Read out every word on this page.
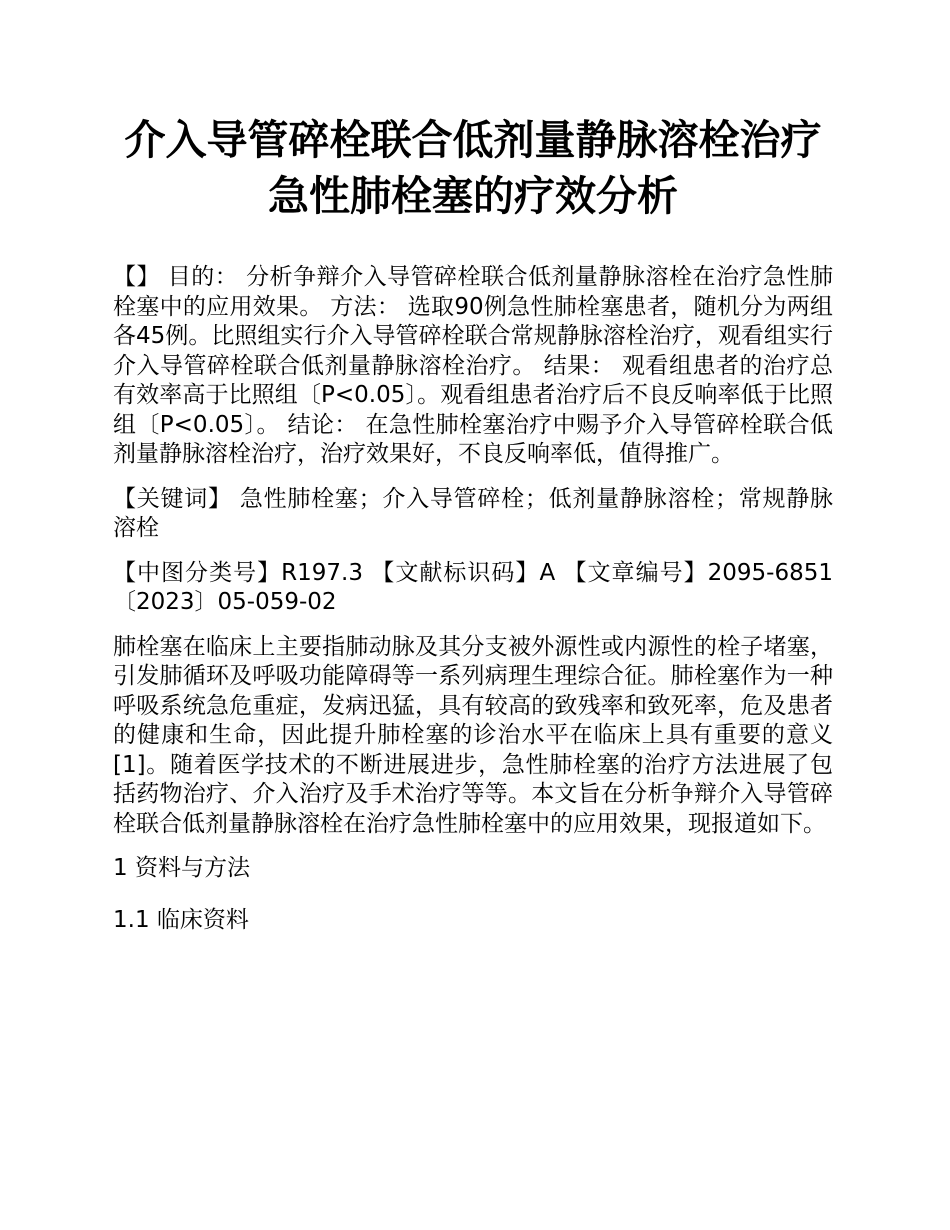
介入导管碎栓联合低剂量静脉溶栓治疗
急性肺栓塞的疗效分析

【】 目的： 分析争辩介入导管碎栓联合低剂量静脉溶栓在治疗急性肺栓塞中的应用效果。 方法： 选取90例急性肺栓塞患者，随机分为两组各45例。比照组实行介入导管碎栓联合常规静脉溶栓治疗，观看组实行介入导管碎栓联合低剂量静脉溶栓治疗。 结果： 观看组患者的治疗总有效率高于比照组〔P<0.05〕。观看组患者治疗后不良反响率低于比照组〔P<0.05〕。 结论： 在急性肺栓塞治疗中赐予介入导管碎栓联合低剂量静脉溶栓治疗，治疗效果好，不良反响率低，值得推广。

【关键词】 急性肺栓塞；介入导管碎栓；低剂量静脉溶栓；常规静脉溶栓

【中图分类号】R197.3 【文献标识码】A 【文章编号】2095-6851〔2023〕05-059-02

肺栓塞在临床上主要指肺动脉及其分支被外源性或内源性的栓子堵塞，引发肺循环及呼吸功能障碍等一系列病理生理综合征。肺栓塞作为一种呼吸系统急危重症，发病迅猛，具有较高的致残率和致死率，危及患者的健康和生命，因此提升肺栓塞的诊治水平在临床上具有重要的意义[1]。随着医学技术的不断进展进步，急性肺栓塞的治疗方法进展了包括药物治疗、介入治疗及手术治疗等等。本文旨在分析争辩介入导管碎栓联合低剂量静脉溶栓在治疗急性肺栓塞中的应用效果，现报道如下。

1 资料与方法
1.1 临床资料
